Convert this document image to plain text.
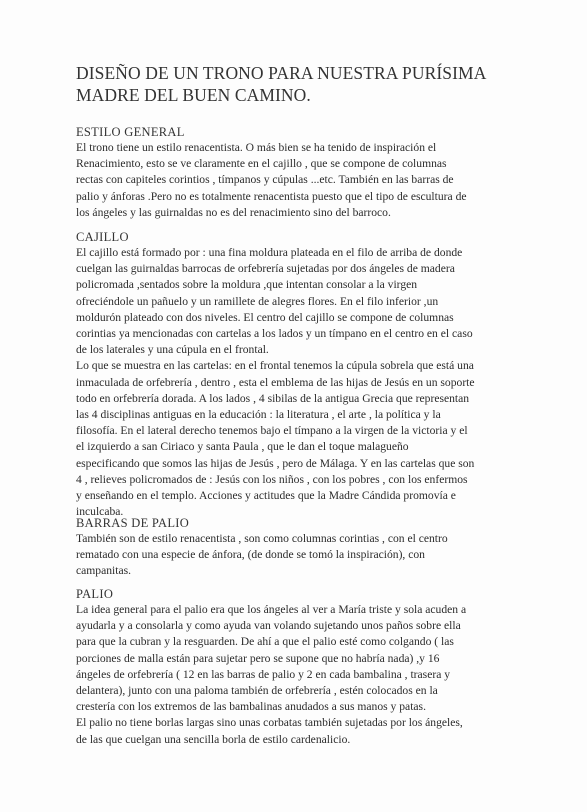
DISEÑO DE UN TRONO PARA NUESTRA PURÍSIMA
MADRE DEL BUEN CAMINO.
ESTILO GENERAL
El trono tiene un estilo renacentista. O más bien se ha tenido de inspiración el
Renacimiento, esto se ve claramente en el cajillo , que se compone de columnas
rectas con capiteles corintios , tímpanos y cúpulas ...etc. También en las barras de
palio y ánforas .Pero no es totalmente renacentista puesto que el tipo de escultura de
los ángeles y las guirnaldas no es del renacimiento sino del barroco.
CAJILLO
El cajillo está formado por : una fina moldura plateada en el filo de arriba de donde
cuelgan las guirnaldas barrocas de orfebrería sujetadas por dos ángeles de madera
policromada ,sentados sobre la moldura ,que intentan consolar a la virgen
ofreciéndole un pañuelo y un ramillete de alegres flores. En el filo inferior ,un
moldurón plateado con dos niveles. El centro del cajillo se compone de columnas
corintias ya mencionadas con cartelas a los lados y un tímpano en el centro en el caso
de los laterales y una cúpula en el frontal.
Lo que se muestra en las cartelas: en el frontal tenemos la cúpula sobrela que está una
inmaculada de orfebrería , dentro , esta el emblema de las hijas de Jesús en un soporte
todo en orfebrería dorada. A los lados , 4 sibilas de la antigua Grecia que representan
las 4 disciplinas antiguas en la educación : la literatura , el arte , la política y la
filosofía. En el lateral derecho tenemos bajo el tímpano a la virgen de la victoria y el
el izquierdo a san Ciriaco y santa Paula , que le dan el toque malagueño
especificando que somos las hijas de Jesús , pero de Málaga. Y en las cartelas que son
4 , relieves policromados de : Jesús con los niños , con los pobres , con los enfermos
y enseñando en el templo. Acciones y actitudes que la Madre Cándida promovía e
inculcaba.
BARRAS DE PALIO
También son de estilo renacentista , son como columnas corintias , con el centro
rematado con una especie de ánfora, (de donde se tomó la inspiración), con
campanitas.
PALIO
La idea general para el palio era que los ángeles al ver a María triste y sola acuden a
ayudarla y a consolarla y como ayuda van volando sujetando unos paños sobre ella
para que la cubran y la resguarden. De ahí a que el palio esté como colgando ( las
porciones de malla están para sujetar pero se supone que no habría nada) ,y 16
ángeles de orfebrería ( 12 en las barras de palio y 2 en cada bambalina , trasera y
delantera), junto con una paloma también de orfebrería , estén colocados en la
crestería con los extremos de las bambalinas anudados a sus manos y patas.
El palio no tiene borlas largas sino unas corbatas también sujetadas por los ángeles,
de las que cuelgan una sencilla borla de estilo cardenalicio.
